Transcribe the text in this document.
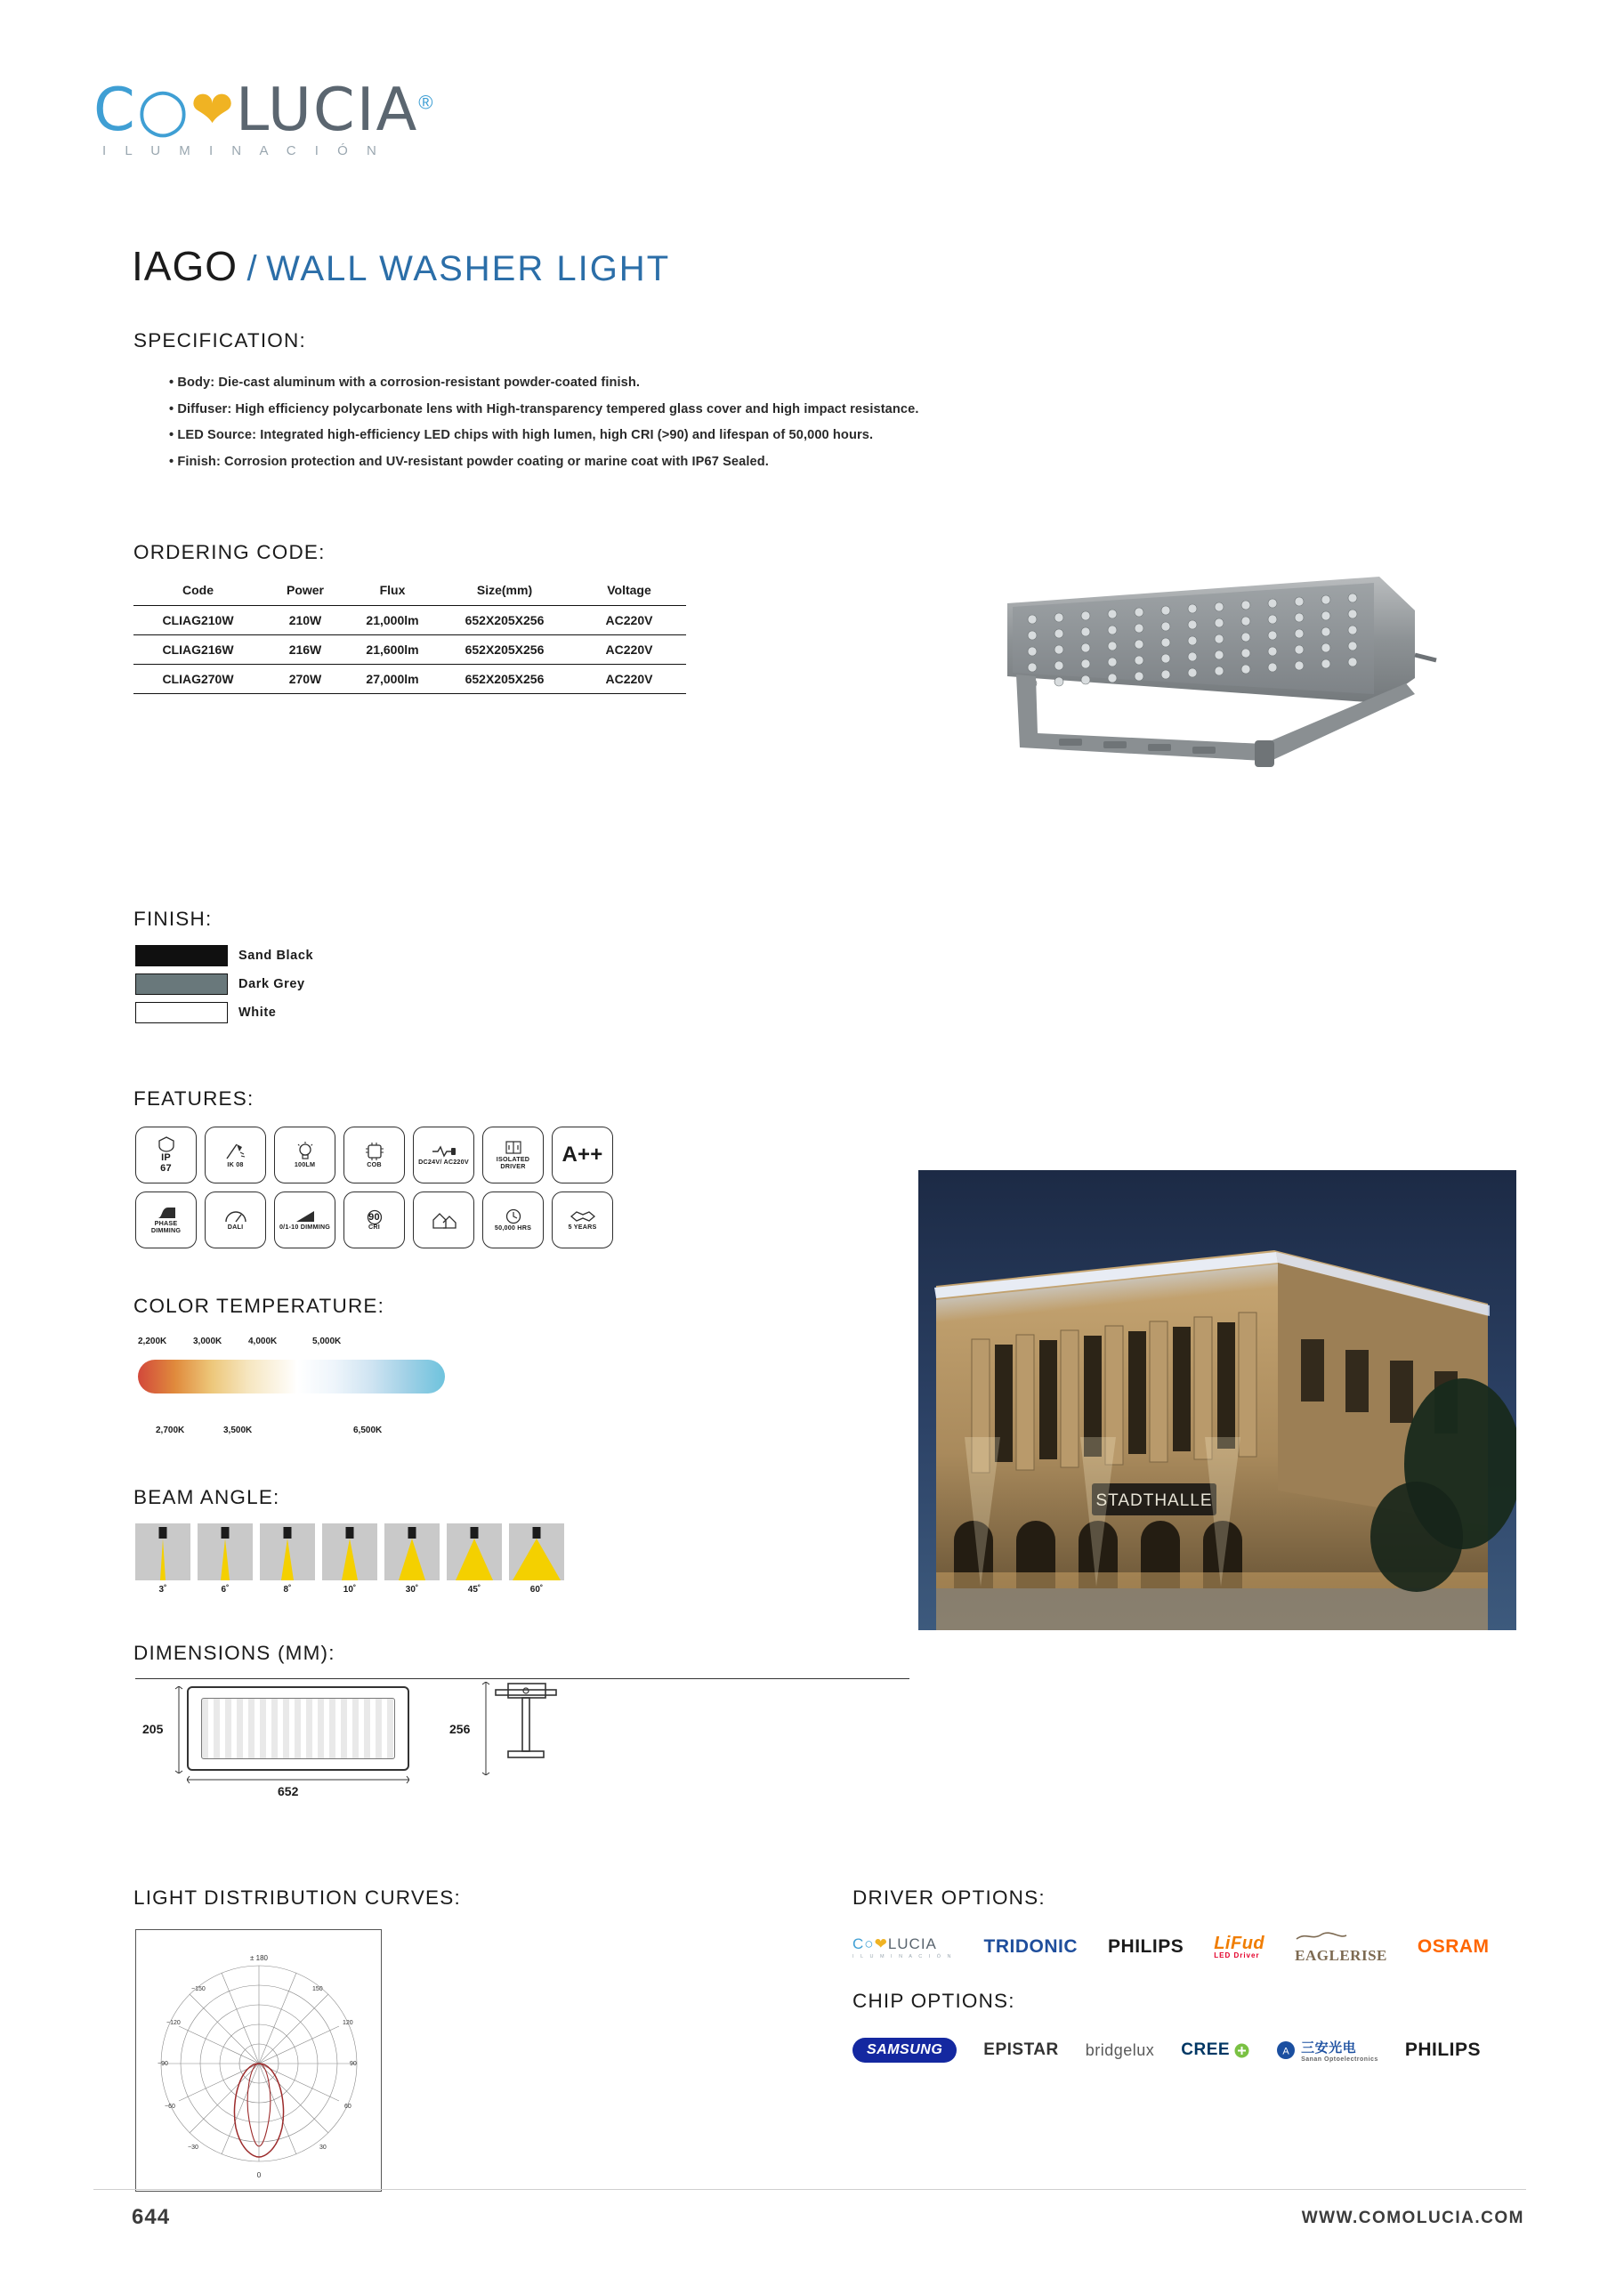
C○❤LUCIA®
I L U M I N A C I Ó N
IAGO / WALL WASHER LIGHT
SPECIFICATION:
• Body: Die-cast aluminum with a corrosion-resistant powder-coated finish.
• Diffuser: High efficiency polycarbonate lens with High-transparency tempered glass cover and high impact resistance.
• LED Source: Integrated high-efficiency LED chips with high lumen, high CRI (>90) and lifespan of 50,000 hours.
• Finish: Corrosion protection and UV-resistant powder coating or marine coat with IP67 Sealed.
ORDERING CODE:
Code	Power	Flux	Size(mm)	Voltage
CLIAG210W	210W	21,000lm	652X205X256	AC220V
CLIAG216W	216W	21,600lm	652X205X256	AC220V
CLIAG270W	270W	27,000lm	652X205X256	AC220V
FINISH:
Sand Black
Dark Grey
White
FEATURES:
IP
67	IK 08	100LM	COB	DC24V/ AC220V	ISOLATED DRIVER	A++
PHASE DIMMING	DALI	0/1-10 DIMMING
90
CRI	50,000 HRS	5 YEARS
COLOR TEMPERATURE:
2,200K	3,000K	4,000K	5,000K
2,700K	3,500K	6,500K
BEAM ANGLE:
3˚	6˚	8˚	10˚	30˚	45˚	60˚
DIMENSIONS (MM):
205
652
256
STADTHALLE
LIGHT DISTRIBUTION CURVES:
± 180
0
−150	150
−120	120
−90	90
−60	60
−30	30
DRIVER OPTIONS:
C○❤LUCIA
I L U M I N A C I Ó N TRIDONIC PHILIPS LiFud
LED Driver	EAGLERISE OSRAM
CHIP OPTIONS:
SAMSUNG	EPISTAR bridgelux CREE	A 三安光电
Sanan Optoelectronics PHILIPS
644	WWW.COMOLUCIA.COM
